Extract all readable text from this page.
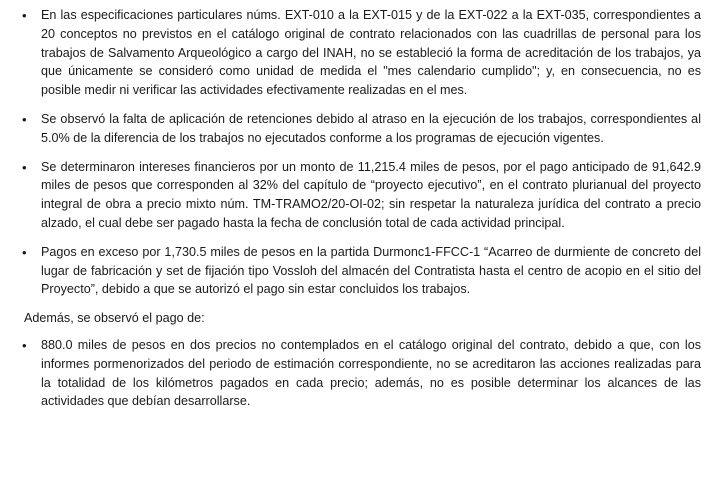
• En las especificaciones particulares núms. EXT-010 a la EXT-015 y de la EXT-022 a la EXT-035, correspondientes a 20 conceptos no previstos en el catálogo original de contrato relacionados con las cuadrillas de personal para los trabajos de Salvamento Arqueológico a cargo del INAH, no se estableció la forma de acreditación de los trabajos, ya que únicamente se consideró como unidad de medida el "mes calendario cumplido"; y, en consecuencia, no es posible medir ni verificar las actividades efectivamente realizadas en el mes.

• Se observó la falta de aplicación de retenciones debido al atraso en la ejecución de los trabajos, correspondientes al 5.0% de la diferencia de los trabajos no ejecutados conforme a los programas de ejecución vigentes.

• Se determinaron intereses financieros por un monto de 11,215.4 miles de pesos, por el pago anticipado de 91,642.9 miles de pesos que corresponden al 32% del capítulo de “proyecto ejecutivo”, en el contrato plurianual del proyecto integral de obra a precio mixto núm. TM-TRAMO2/20-OI-02; sin respetar la naturaleza jurídica del contrato a precio alzado, el cual debe ser pagado hasta la fecha de conclusión total de cada actividad principal.

• Pagos en exceso por 1,730.5 miles de pesos en la partida Durmonc1-FFCC-1 “Acarreo de durmiente de concreto del lugar de fabricación y set de fijación tipo Vossloh del almacén del Contratista hasta el centro de acopio en el sitio del Proyecto”, debido a que se autorizó el pago sin estar concluidos los trabajos.

Además, se observó el pago de:

• 880.0 miles de pesos en dos precios no contemplados en el catálogo original del contrato, debido a que, con los informes pormenorizados del periodo de estimación correspondiente, no se acreditaron las acciones realizadas para la totalidad de los kilómetros pagados en cada precio; además, no es posible determinar los alcances de las actividades que debían desarrollarse.
